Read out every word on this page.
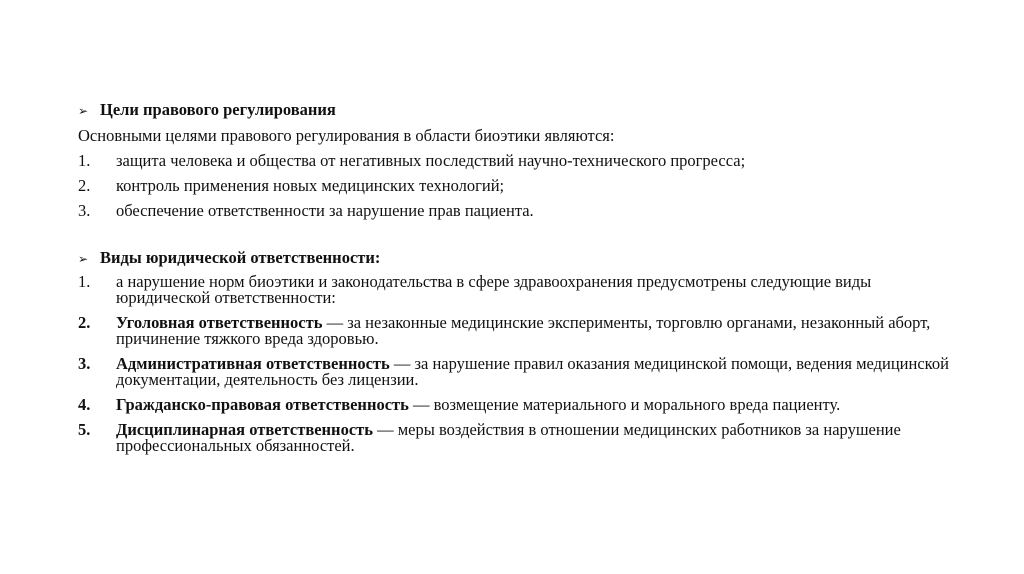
➢ Цели правового регулирования
Основными целями правового регулирования в области биоэтики являются:
1.	защита человека и общества от негативных последствий научно-технического прогресса;
2.	контроль применения новых медицинских технологий;
3.	обеспечение ответственности за нарушение прав пациента.
➢ Виды юридической ответственности:
1.	а нарушение норм биоэтики и законодательства в сфере здравоохранения предусмотрены следующие виды юридической ответственности:
2.	Уголовная ответственность — за незаконные медицинские эксперименты, торговлю органами, незаконный аборт, причинение тяжкого вреда здоровью.
3.	Административная ответственность — за нарушение правил оказания медицинской помощи, ведения медицинской документации, деятельность без лицензии.
4.	Гражданско-правовая ответственность — возмещение материального и морального вреда пациенту.
5.	Дисциплинарная ответственность — меры воздействия в отношении медицинских работников за нарушение профессиональных обязанностей.
